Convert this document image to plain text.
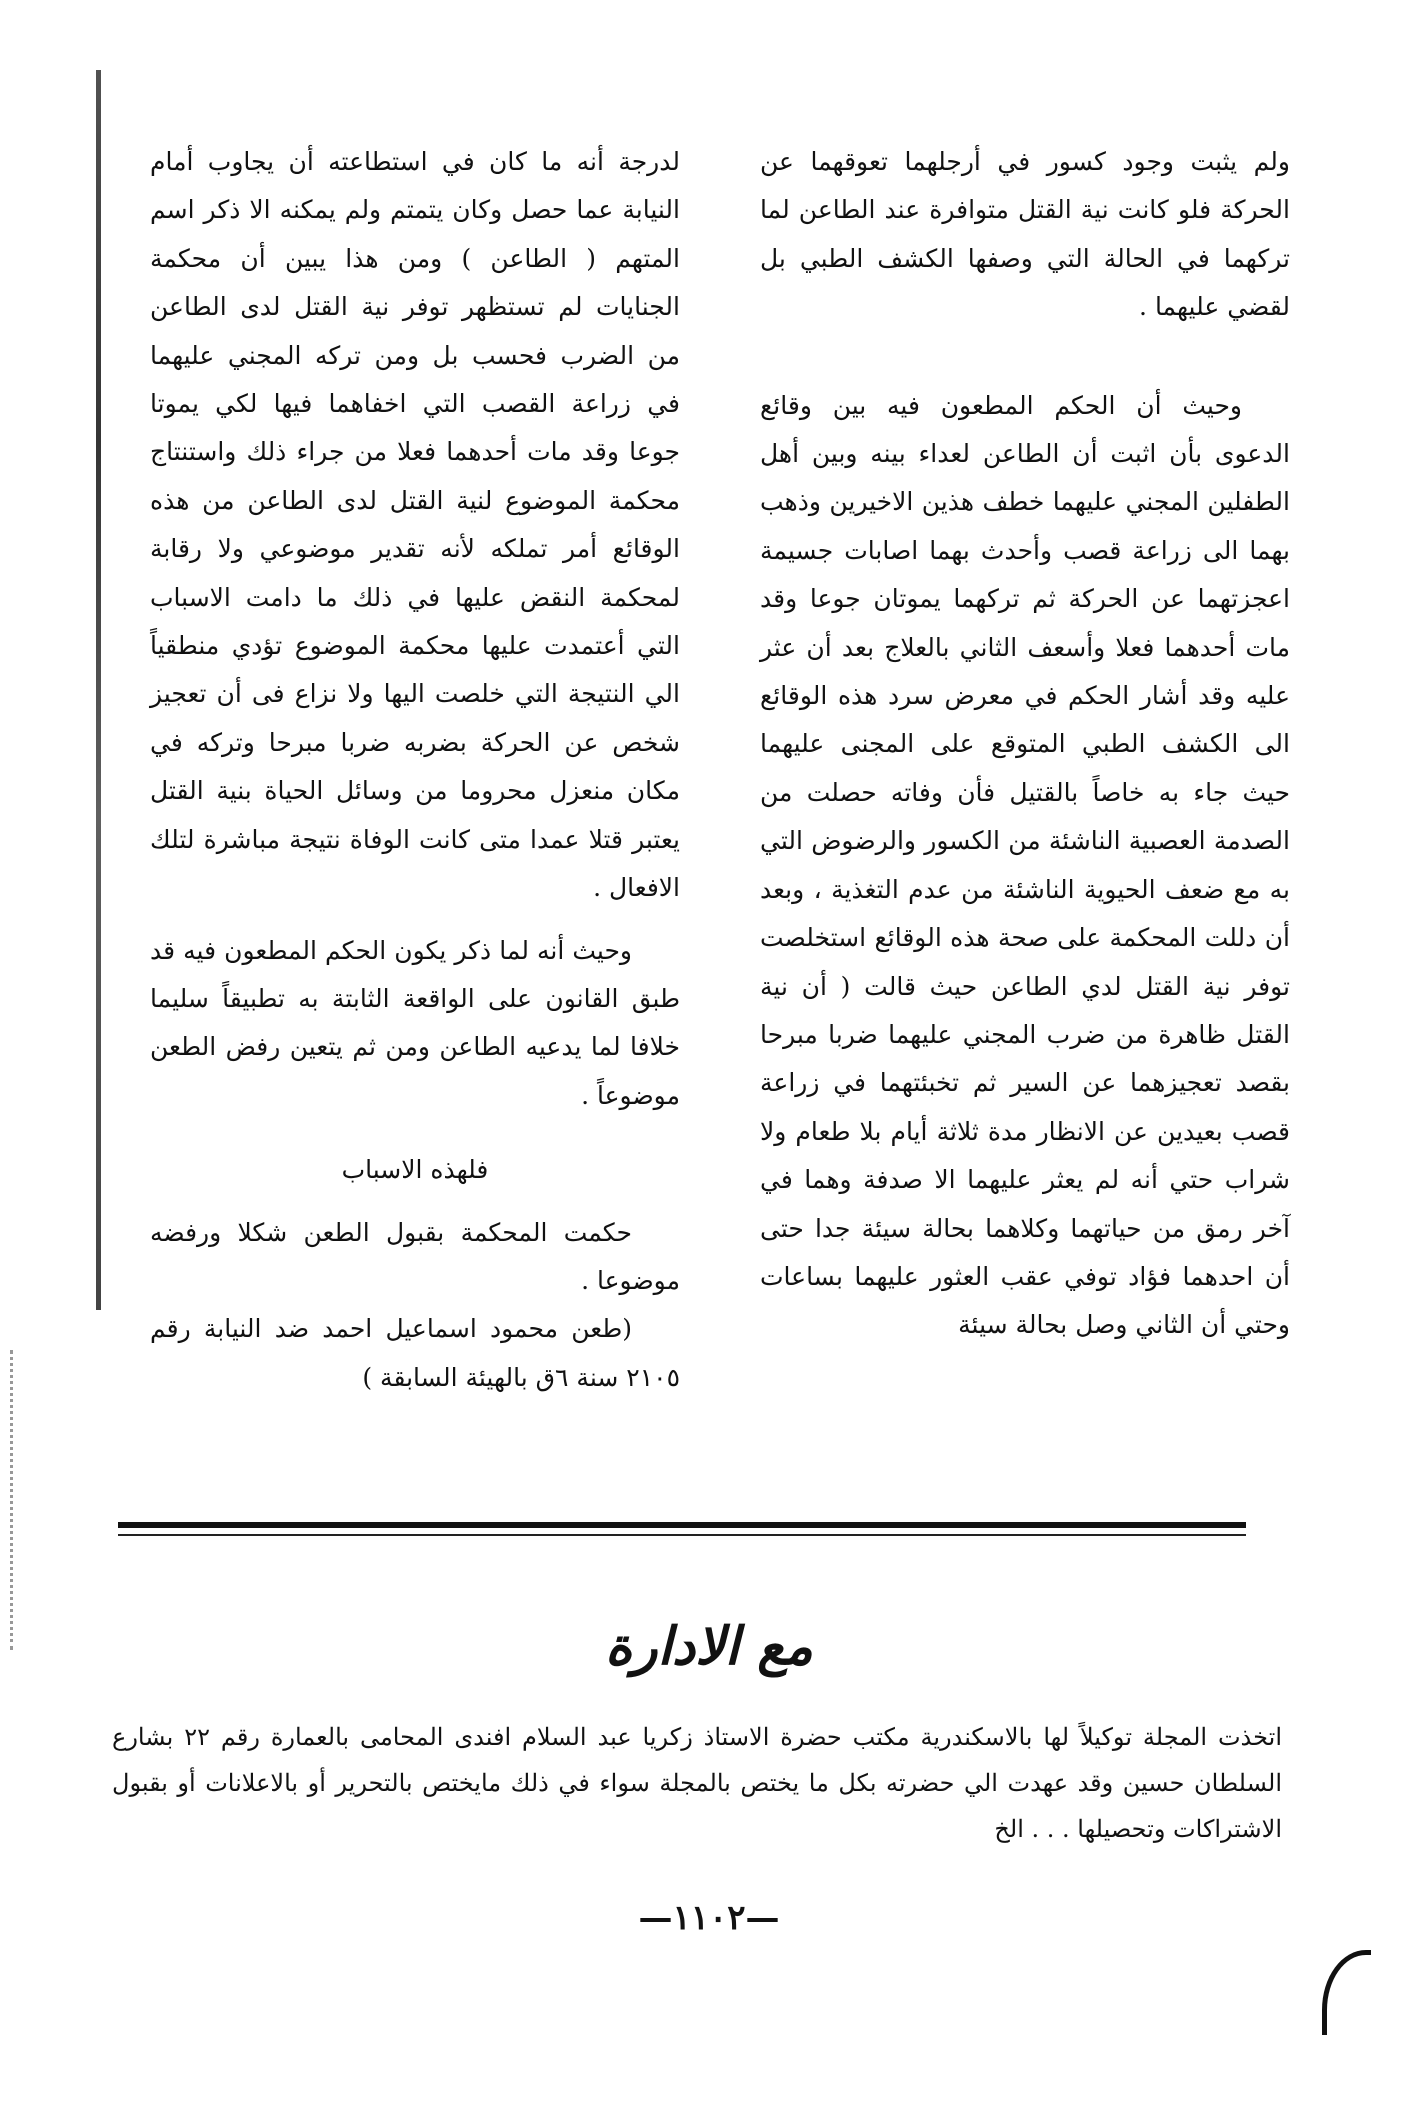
ولم يثبت وجود كسور في أرجلهما تعوقهما عن الحركة فلو كانت نية القتل متوافرة عند الطاعن لما تركهما في الحالة التي وصفها الكشف الطبي بل لقضي عليهما .

وحيث أن الحكم المطعون فيه بين وقائع الدعوى بأن اثبت أن الطاعن لعداء بينه وبين أهل الطفلين المجني عليهما خطف هذين الاخيرين وذهب بهما الى زراعة قصب وأحدث بهما اصابات جسيمة اعجزتهما عن الحركة ثم تركهما يموتان جوعا وقد مات أحدهما فعلا وأسعف الثاني بالعلاج بعد أن عثر عليه وقد أشار الحكم في معرض سرد هذه الوقائع الى الكشف الطبي المتوقع على المجنى عليهما حيث جاء به خاصاً بالقتيل فأن وفاته حصلت من الصدمة العصبية الناشئة من الكسور والرضوض التي به مع ضعف الحيوية الناشئة من عدم التغذية ، وبعد أن دللت المحكمة على صحة هذه الوقائع استخلصت توفر نية القتل لدي الطاعن حيث قالت ( أن نية القتل ظاهرة من ضرب المجني عليهما ضربا مبرحا بقصد تعجيزهما عن السير ثم تخبئتهما في زراعة قصب بعيدين عن الانظار مدة ثلاثة أيام بلا طعام ولا شراب حتي أنه لم يعثر عليهما الا صدفة وهما في آخر رمق من حياتهما وكلاهما بحالة سيئة جدا حتى أن احدهما فؤاد توفي عقب العثور عليهما بساعات وحتي أن الثاني وصل بحالة سيئة

لدرجة أنه ما كان في استطاعته أن يجاوب أمام النيابة عما حصل وكان يتمتم ولم يمكنه الا ذكر اسم المتهم ( الطاعن ) ومن هذا يبين أن محكمة الجنايات لم تستظهر توفر نية القتل لدى الطاعن من الضرب فحسب بل ومن تركه المجني عليهما في زراعة القصب التي اخفاهما فيها لكي يموتا جوعا وقد مات أحدهما فعلا من جراء ذلك واستنتاج محكمة الموضوع لنية القتل لدى الطاعن من هذه الوقائع أمر تملكه لأنه تقدير موضوعي ولا رقابة لمحكمة النقض عليها في ذلك ما دامت الاسباب التي أعتمدت عليها محكمة الموضوع تؤدي منطقياً الي النتيجة التي خلصت اليها ولا نزاع فى أن تعجيز شخص عن الحركة بضربه ضربا مبرحا وتركه في مكان منعزل محروما من وسائل الحياة بنية القتل يعتبر قتلا عمدا متى كانت الوفاة نتيجة مباشرة لتلك الافعال .

وحيث أنه لما ذكر يكون الحكم المطعون فيه قد طبق القانون على الواقعة الثابتة به تطبيقاً سليما خلافا لما يدعيه الطاعن ومن ثم يتعين رفض الطعن موضوعاً .

فلهذه الاسباب

حكمت المحكمة بقبول الطعن شكلا ورفضه موضوعا .

(طعن محمود اسماعيل احمد ضد النيابة رقم ٢١٠٥ سنة ٦ق بالهيئة السابقة )

مع الادارة
اتخذت المجلة توكيلاً لها بالاسكندرية مكتب حضرة الاستاذ زكريا عبد السلام افندى المحامى بالعمارة رقم ٢٢ بشارع السلطان حسين وقد عهدت الي حضرته بكل ما يختص بالمجلة سواء في ذلك مايختص بالتحرير أو بالاعلانات أو بقبول الاشتراكات وتحصيلها . . . الخ
—١١٠٢—
